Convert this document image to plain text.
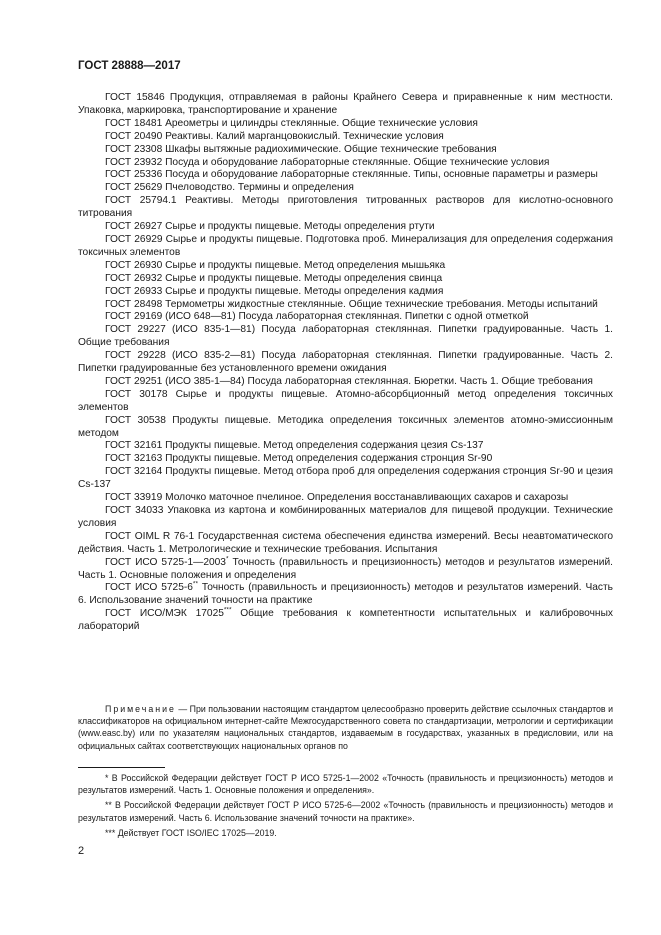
ГОСТ 28888—2017

ГОСТ 15846 Продукция, отправляемая в районы Крайнего Севера и приравненные к ним местности. Упаковка, маркировка, транспортирование и хранение

ГОСТ 18481 Ареометры и цилиндры стеклянные. Общие технические условия

ГОСТ 20490 Реактивы. Калий марганцовокислый. Технические условия

ГОСТ 23308 Шкафы вытяжные радиохимические. Общие технические требования

ГОСТ 23932 Посуда и оборудование лабораторные стеклянные. Общие технические условия

ГОСТ 25336 Посуда и оборудование лабораторные стеклянные. Типы, основные параметры и размеры

ГОСТ 25629 Пчеловодство. Термины и определения

ГОСТ 25794.1 Реактивы. Методы приготовления титрованных растворов для кислотно-основного титрования

ГОСТ 26927 Сырье и продукты пищевые. Методы определения ртути

ГОСТ 26929 Сырье и продукты пищевые. Подготовка проб. Минерализация для определения содержания токсичных элементов

ГОСТ 26930 Сырье и продукты пищевые. Метод определения мышьяка

ГОСТ 26932 Сырье и продукты пищевые. Методы определения свинца

ГОСТ 26933 Сырье и продукты пищевые. Методы определения кадмия

ГОСТ 28498 Термометры жидкостные стеклянные. Общие технические требования. Методы испытаний

ГОСТ 29169 (ИСО 648—81) Посуда лабораторная стеклянная. Пипетки с одной отметкой

ГОСТ 29227 (ИСО 835-1—81) Посуда лабораторная стеклянная. Пипетки градуированные. Часть 1. Общие требования

ГОСТ 29228 (ИСО 835-2—81) Посуда лабораторная стеклянная. Пипетки градуированные. Часть 2. Пипетки градуированные без установленного времени ожидания

ГОСТ 29251 (ИСО 385-1—84) Посуда лабораторная стеклянная. Бюретки. Часть 1. Общие требования

ГОСТ 30178 Сырье и продукты пищевые. Атомно-абсорбционный метод определения токсичных элементов

ГОСТ 30538 Продукты пищевые. Методика определения токсичных элементов атомно-эмиссионным методом

ГОСТ 32161 Продукты пищевые. Метод определения содержания цезия Cs-137

ГОСТ 32163 Продукты пищевые. Метод определения содержания стронция Sr-90

ГОСТ 32164 Продукты пищевые. Метод отбора проб для определения содержания стронция Sr-90 и цезия Cs-137

ГОСТ 33919 Молочко маточное пчелиное. Определения восстанавливающих сахаров и сахарозы

ГОСТ 34033 Упаковка из картона и комбинированных материалов для пищевой продукции. Технические условия

ГОСТ OIML R 76-1 Государственная система обеспечения единства измерений. Весы неавтоматического действия. Часть 1. Метрологические и технические требования. Испытания

ГОСТ ИСО 5725-1—2003* Точность (правильность и прецизионность) методов и результатов измерений. Часть 1. Основные положения и определения

ГОСТ ИСО 5725-6** Точность (правильность и прецизионность) методов и результатов измерений. Часть 6. Использование значений точности на практике

ГОСТ ИСО/МЭК 17025*** Общие требования к компетентности испытательных и калибровочных лабораторий

Примечание — При пользовании настоящим стандартом целесообразно проверить действие ссылочных стандартов и классификаторов на официальном интернет-сайте Межгосударственного совета по стандартизации, метрологии и сертификации (www.easc.by) или по указателям национальных стандартов, издаваемым в государствах, указанных в предисловии, или на официальных сайтах соответствующих национальных органов по

* В Российской Федерации действует ГОСТ Р ИСО 5725-1—2002 «Точность (правильность и прецизионность) методов и результатов измерений. Часть 1. Основные положения и определения».

** В Российской Федерации действует ГОСТ Р ИСО 5725-6—2002 «Точность (правильность и прецизионность) методов и результатов измерений. Часть 6. Использование значений точности на практике».

*** Действует ГОСТ ISO/IEC 17025—2019.

2
